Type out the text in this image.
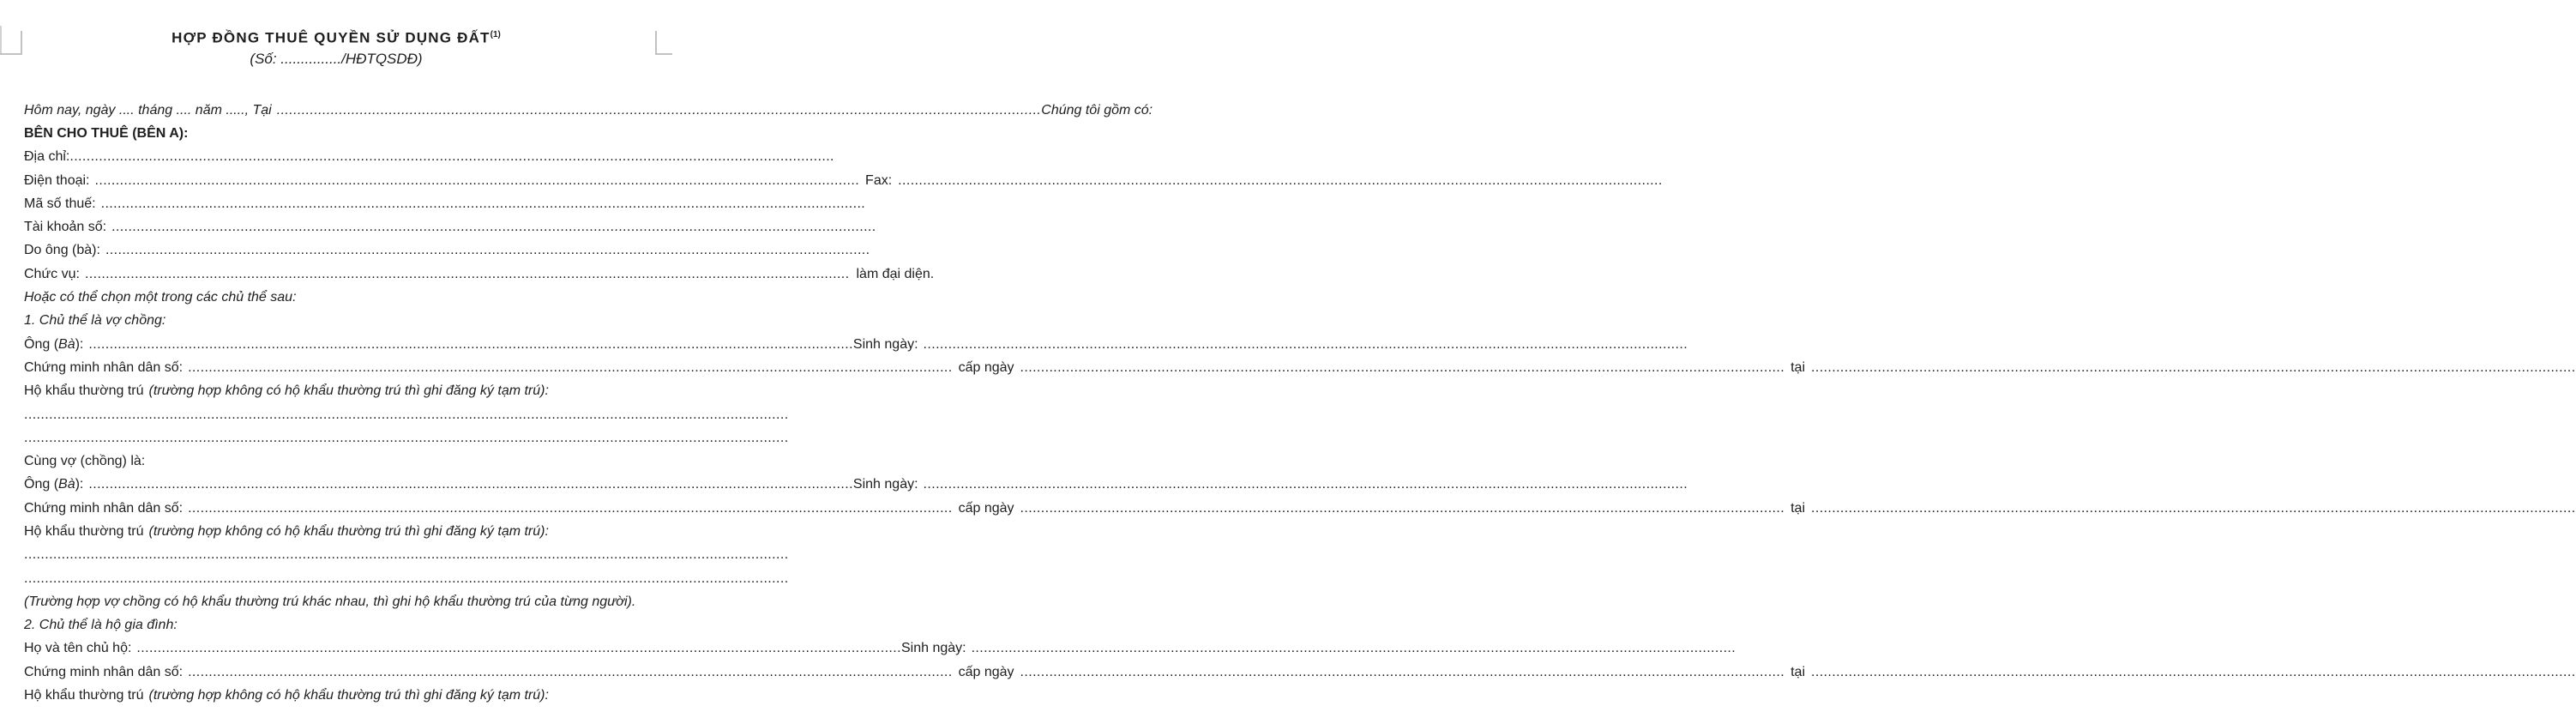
HỢP ĐỒNG THUÊ QUYỀN SỬ DỤNG ĐẤT$^{(1)}$
(Số: .............../HĐTQSDĐ)
Hôm nay, ngày .... tháng .... năm ....., Tại ........................................................................................................................................................................................ Chúng tôi gồm có:
BÊN CHO THUÊ (BÊN A):
Địa chỉ: ........................................................................................................................................................................................
Điện thoại: ........................................................................................................................................................................................ Fax: ........................................................................................................................................................................................
Mã số thuế: ........................................................................................................................................................................................
Tài khoản số: ........................................................................................................................................................................................
Do ông (bà): ........................................................................................................................................................................................
Chức vụ: ........................................................................................................................................................................................ làm đại diện.
Hoặc có thể chọn một trong các chủ thể sau:
1. Chủ thể là vợ chồng:
Ông ( Bà ): ........................................................................................................................................................................................ Sinh ngày: ........................................................................................................................................................................................
Chứng minh nhân dân số: ........................................................................................................................................................................................ cấp ngày ........................................................................................................................................................................................ tại ........................................................................................................................................................................................
Hộ khẩu thường trú (trường hợp không có hộ khẩu thường trú thì ghi đăng ký tạm trú):
........................................................................................................................................................................................
........................................................................................................................................................................................
Cùng vợ (chồng) là:
Ông ( Bà ): ........................................................................................................................................................................................ Sinh ngày: ........................................................................................................................................................................................
Chứng minh nhân dân số: ........................................................................................................................................................................................ cấp ngày ........................................................................................................................................................................................ tại ........................................................................................................................................................................................
Hộ khẩu thường trú (trường hợp không có hộ khẩu thường trú thì ghi đăng ký tạm trú):
........................................................................................................................................................................................
........................................................................................................................................................................................
(Trường hợp vợ chồng có hộ khẩu thường trú khác nhau, thì ghi hộ khẩu thường trú của từng người).
2. Chủ thể là hộ gia đình:
Họ và tên chủ hộ: ........................................................................................................................................................................................ Sinh ngày: ........................................................................................................................................................................................
Chứng minh nhân dân số: ........................................................................................................................................................................................ cấp ngày ........................................................................................................................................................................................ tại ........................................................................................................................................................................................
Hộ khẩu thường trú (trường hợp không có hộ khẩu thường trú thì ghi đăng ký tạm trú):
